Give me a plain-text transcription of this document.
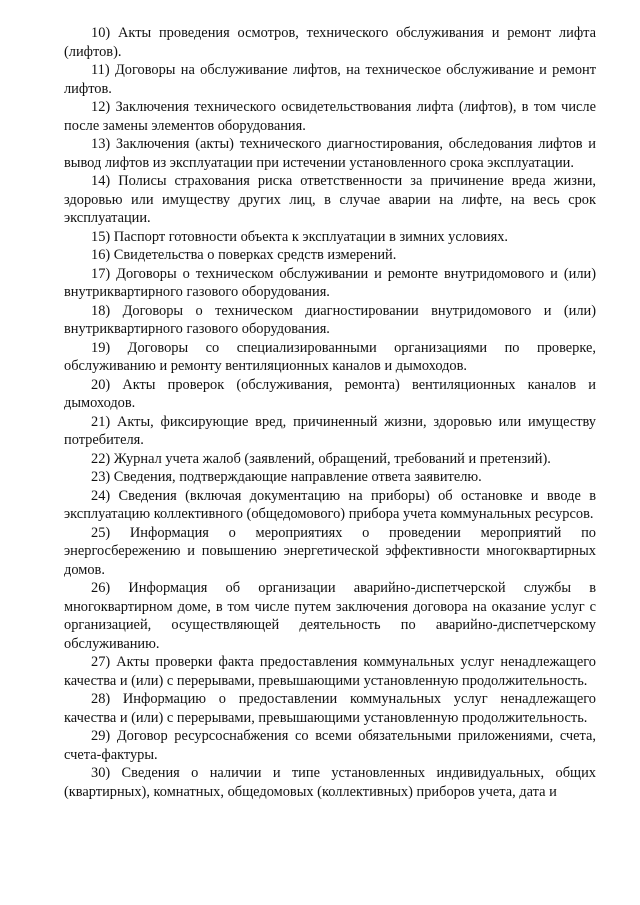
10) Акты проведения осмотров, технического обслуживания и ремонт лифта (лифтов).

11) Договоры на обслуживание лифтов, на техническое обслуживание и ремонт лифтов.

12) Заключения технического освидетельствования лифта (лифтов), в том числе после замены элементов оборудования.

13) Заключения (акты) технического диагностирования, обследования лифтов и вывод лифтов из эксплуатации при истечении установленного срока эксплуатации.

14) Полисы страхования риска ответственности за причинение вреда жизни, здоровью или имуществу других лиц, в случае аварии на лифте, на весь срок эксплуатации.

15) Паспорт готовности объекта к эксплуатации в зимних условиях.

16) Свидетельства о поверках средств измерений.

17) Договоры о техническом обслуживании и ремонте внутридомового и (или) внутриквартирного газового оборудования.

18) Договоры о техническом диагностировании внутридомового и (или) внутриквартирного газового оборудования.

19) Договоры со специализированными организациями по проверке, обслуживанию и ремонту вентиляционных каналов и дымоходов.

20) Акты проверок (обслуживания, ремонта) вентиляционных каналов и дымоходов.

21) Акты, фиксирующие вред, причиненный жизни, здоровью или имуществу потребителя.

22) Журнал учета жалоб (заявлений, обращений, требований и претензий).

23) Сведения, подтверждающие направление ответа заявителю.

24) Сведения (включая документацию на приборы) об остановке и вводе в эксплуатацию коллективного (общедомового) прибора учета коммунальных ресурсов.

25) Информация о мероприятиях о проведении мероприятий по энергосбережению и повышению энергетической эффективности многоквартирных домов.

26) Информация об организации аварийно-диспетчерской службы в многоквартирном доме, в том числе путем заключения договора на оказание услуг с организацией, осуществляющей деятельность по аварийно-диспетчерскому обслуживанию.

27) Акты проверки факта предоставления коммунальных услуг ненадлежащего качества и (или) с перерывами, превышающими установленную продолжительность.

28) Информацию о предоставлении коммунальных услуг ненадлежащего качества и (или) с перерывами, превышающими установленную продолжительность.

29) Договор ресурсоснабжения со всеми обязательными приложениями, счета, счета-фактуры.

30) Сведения о наличии и типе установленных индивидуальных, общих (квартирных), комнатных, общедомовых (коллективных) приборов учета, дата и
